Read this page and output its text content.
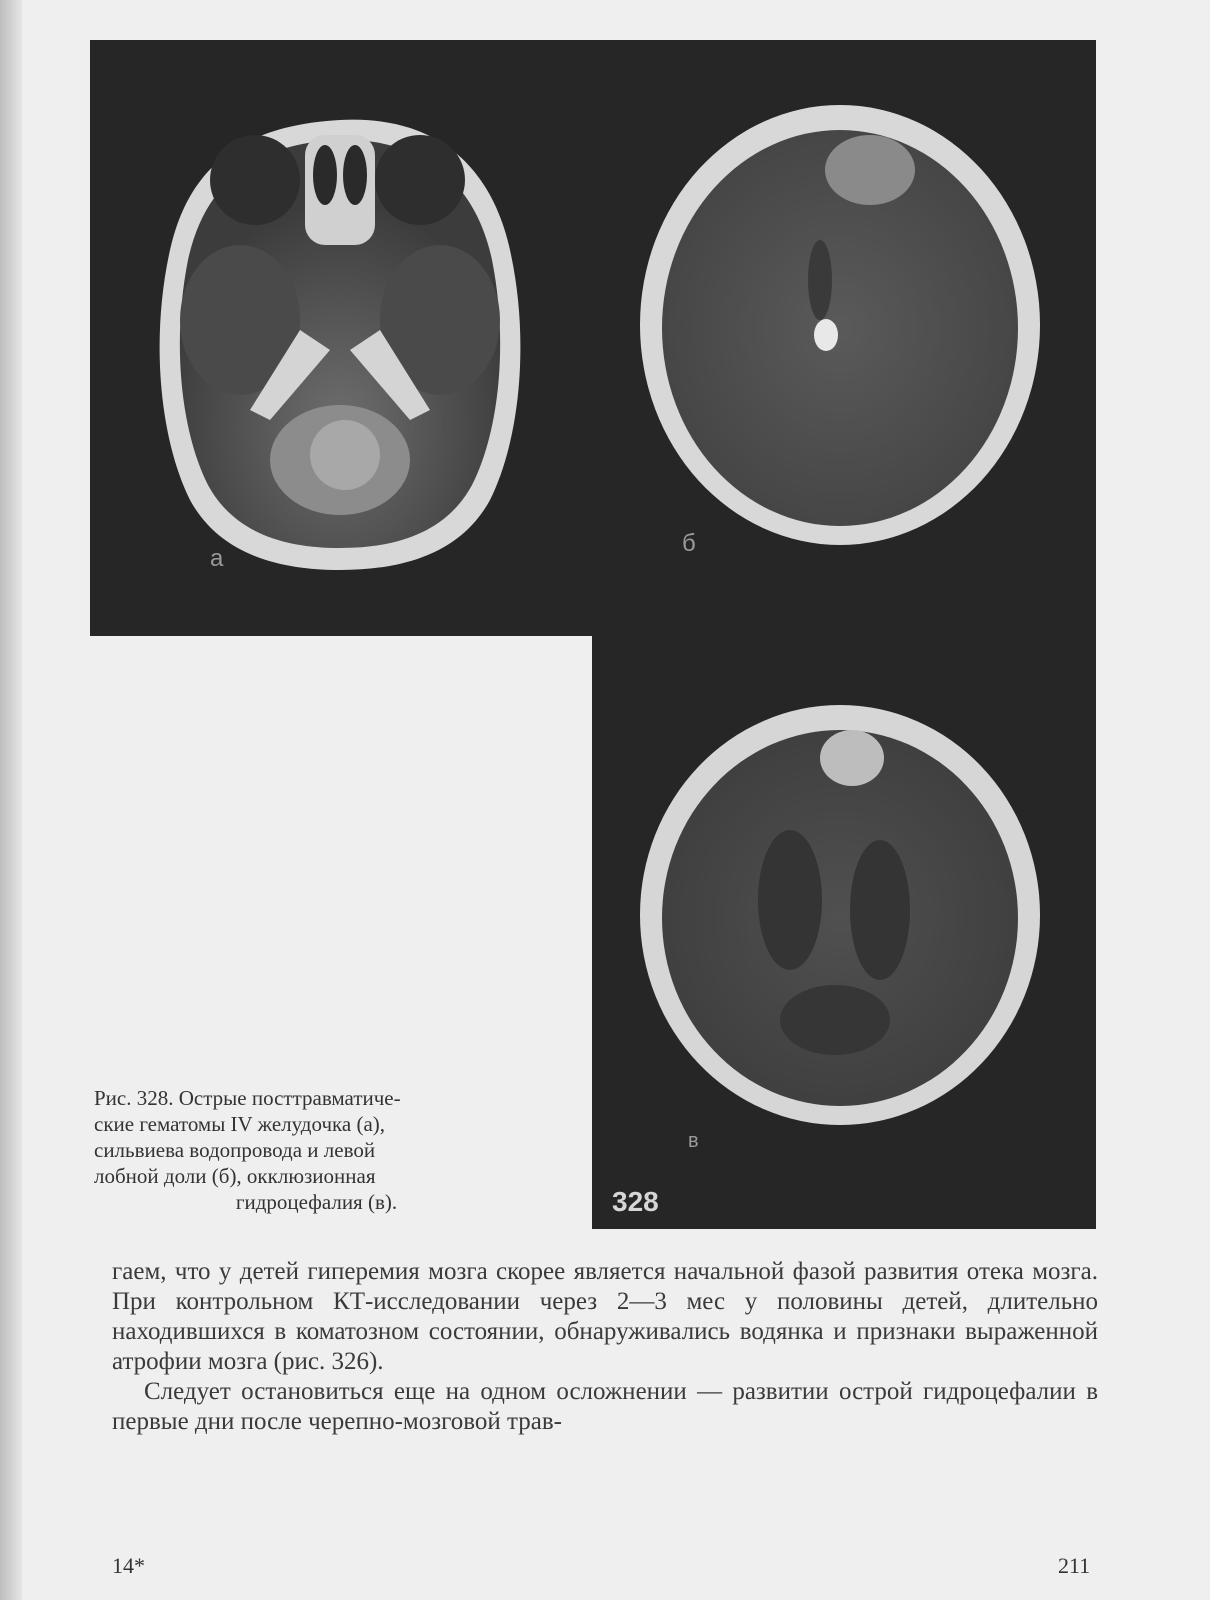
а
б
в
328
Рис. 328. Острые посттравматиче-
ские гематомы IV желудочка (а),
сильвиева водопровода и левой
лобной доли (б), окклюзионная

гидроцефалия (в).

гаем, что у детей гиперемия мозга скорее является начальной фазой развития отека мозга. При контрольном КТ-исследовании через 2—3 мес у половины детей, длительно находившихся в коматозном состоянии, обнаруживались водянка и признаки выраженной атрофии мозга (рис. 326).

Следует остановиться еще на одном осложнении — развитии острой гидроцефалии в первые дни после черепно-мозговой трав-

14*	211
